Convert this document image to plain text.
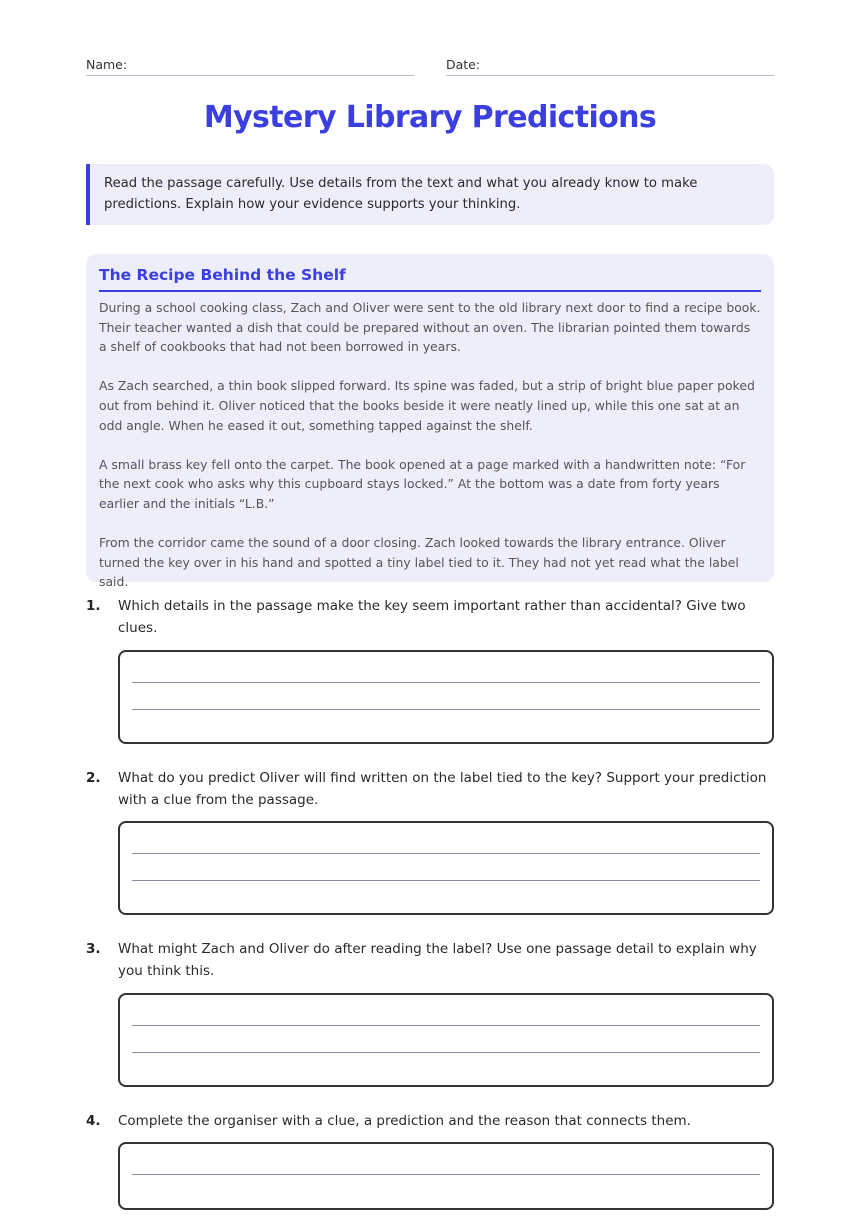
Name:	Date:
Mystery Library Predictions
Read the passage carefully. Use details from the text and what you already know to make predictions. Explain how your evidence supports your thinking.
The Recipe Behind the Shelf

During a school cooking class, Zach and Oliver were sent to the old library next door to find a recipe book. Their teacher wanted a dish that could be prepared without an oven. The librarian pointed them towards a shelf of cookbooks that had not been borrowed in years.

As Zach searched, a thin book slipped forward. Its spine was faded, but a strip of bright blue paper poked out from behind it. Oliver noticed that the books beside it were neatly lined up, while this one sat at an odd angle. When he eased it out, something tapped against the shelf.

A small brass key fell onto the carpet. The book opened at a page marked with a handwritten note: “For the next cook who asks why this cupboard stays locked.” At the bottom was a date from forty years earlier and the initials “L.B.”

From the corridor came the sound of a door closing. Zach looked towards the library entrance. Oliver turned the key over in his hand and spotted a tiny label tied to it. They had not yet read what the label said.

1. Which details in the passage make the key seem important rather than accidental? Give two clues.
2. What do you predict Oliver will find written on the label tied to the key? Support your prediction with a clue from the passage.
3. What might Zach and Oliver do after reading the label? Use one passage detail to explain why you think this.
4. Complete the organiser with a clue, a prediction and the reason that connects them.
